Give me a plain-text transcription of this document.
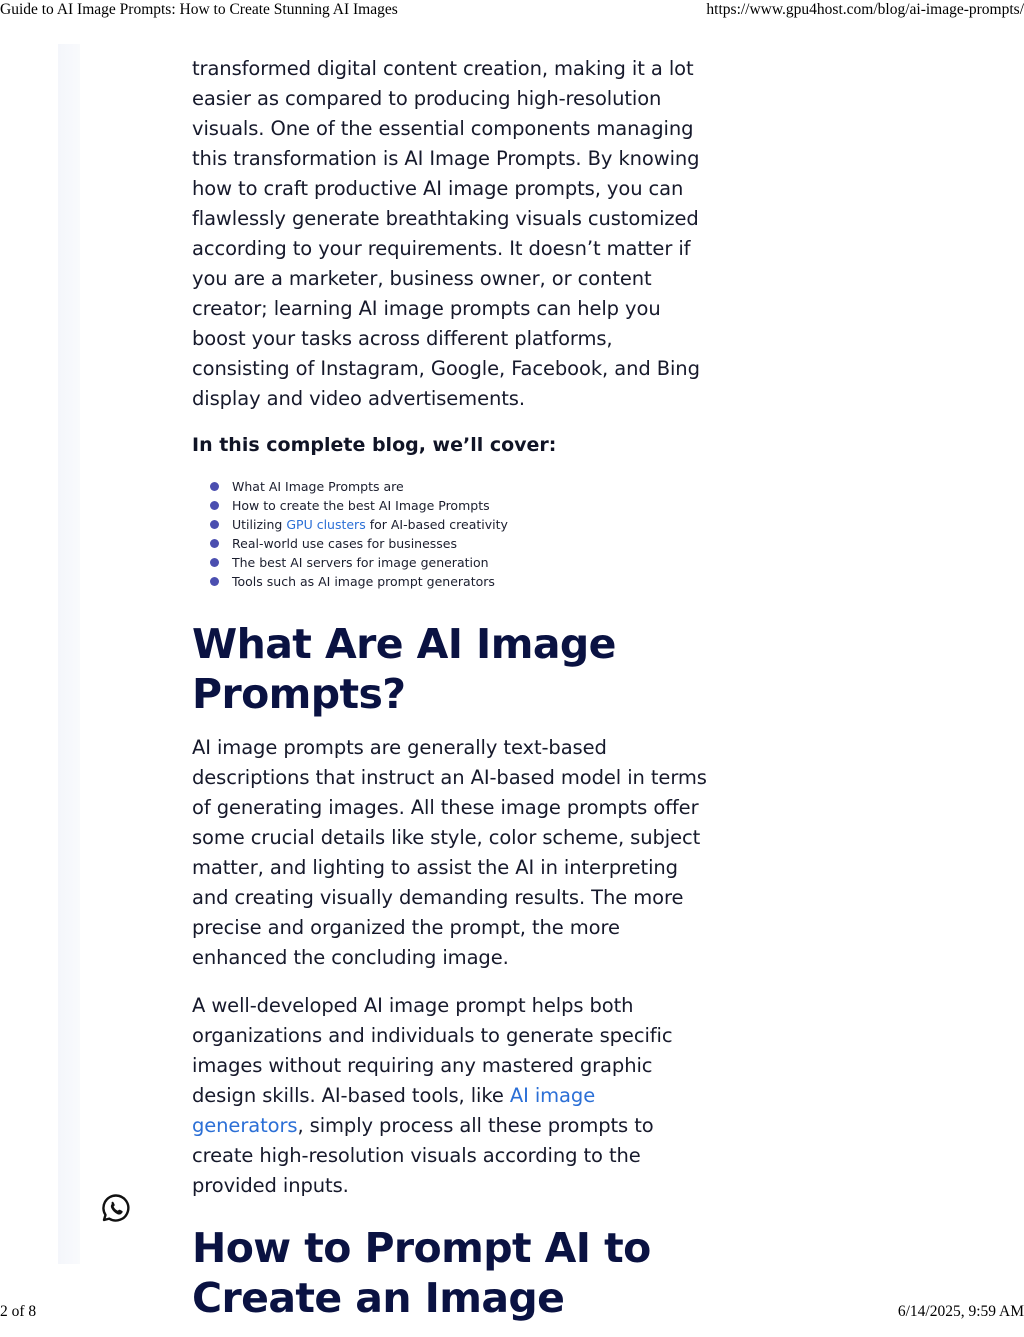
Guide to AI Image Prompts: How to Create Stunning AI Images	https://www.gpu4host.com/blog/ai-image-prompts/

transformed digital content creation, making it a lot easier as compared to producing high-resolution visuals. One of the essential components managing this transformation is AI Image Prompts. By knowing how to craft productive AI image prompts, you can flawlessly generate breathtaking visuals customized according to your requirements. It doesn’t matter if you are a marketer, business owner, or content creator; learning AI image prompts can help you boost your tasks across different platforms, consisting of Instagram, Google, Facebook, and Bing display and video advertisements.

In this complete blog, we’ll cover:
What AI Image Prompts are
How to create the best AI Image Prompts
Utilizing GPU clusters for AI-based creativity
Real-world use cases for businesses
The best AI servers for image generation
Tools such as AI image prompt generators
What Are AI Image Prompts?

AI image prompts are generally text-based descriptions that instruct an AI-based model in terms of generating images. All these image prompts offer some crucial details like style, color scheme, subject matter, and lighting to assist the AI in interpreting and creating visually demanding results. The more precise and organized the prompt, the more enhanced the concluding image.

A well-developed AI image prompt helps both organizations and individuals to generate specific images without requiring any mastered graphic design skills. AI-based tools, like AI image generators, simply process all these prompts to create high-resolution visuals according to the provided inputs.

How to Prompt AI to Create an Image
2 of 8	6/14/2025, 9:59 AM
